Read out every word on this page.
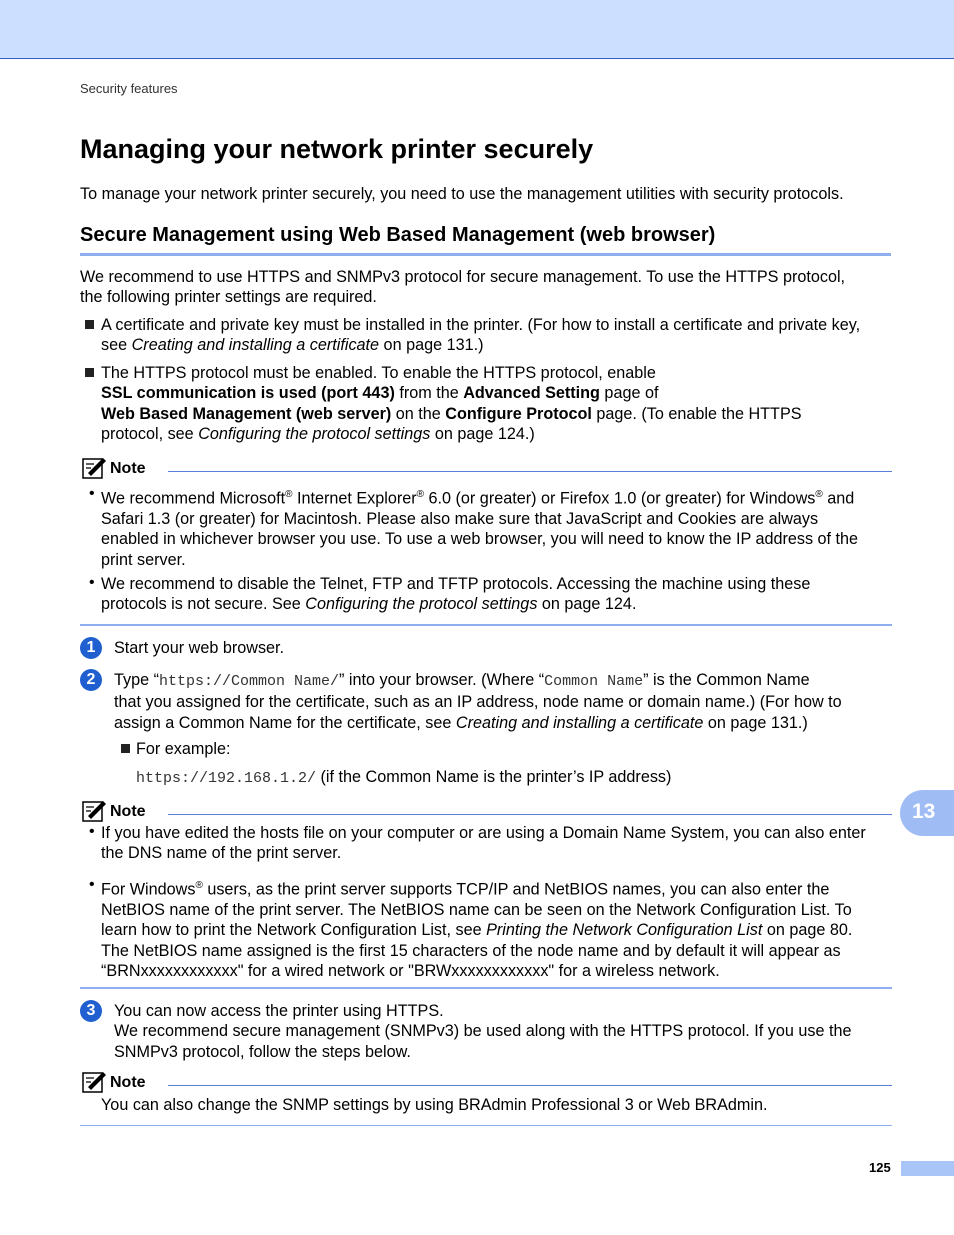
Security features
Managing your network printer securely
To manage your network printer securely, you need to use the management utilities with security protocols.
Secure Management using Web Based Management (web browser)
We recommend to use HTTPS and SNMPv3 protocol for secure management. To use the HTTPS protocol,
the following printer settings are required.
A certificate and private key must be installed in the printer. (For how to install a certificate and private key,
see Creating and installing a certificate on page 131.)
The HTTPS protocol must be enabled. To enable the HTTPS protocol, enable
SSL communication is used (port 443) from the Advanced Setting page of
Web Based Management (web server) on the Configure Protocol page. (To enable the HTTPS
protocol, see Configuring the protocol settings on page 124.)
Note
• We recommend Microsoft® Internet Explorer® 6.0 (or greater) or Firefox 1.0 (or greater) for Windows® and
Safari 1.3 (or greater) for Macintosh. Please also make sure that JavaScript and Cookies are always
enabled in whichever browser you use. To use a web browser, you will need to know the IP address of the
print server.
• We recommend to disable the Telnet, FTP and TFTP protocols. Accessing the machine using these
protocols is not secure. See Configuring the protocol settings on page 124.
1	Start your web browser.
2	Type “https://Common Name/” into your browser. (Where “Common Name” is the Common Name
that you assigned for the certificate, such as an IP address, node name or domain name.) (For how to
assign a Common Name for the certificate, see Creating and installing a certificate on page 131.)
For example:
https://192.168.1.2/ (if the Common Name is the printer’s IP address)
Note
• If you have edited the hosts file on your computer or are using a Domain Name System, you can also enter
the DNS name of the print server.
• For Windows® users, as the print server supports TCP/IP and NetBIOS names, you can also enter the
NetBIOS name of the print server. The NetBIOS name can be seen on the Network Configuration List. To
learn how to print the Network Configuration List, see Printing the Network Configuration List on page 80.
The NetBIOS name assigned is the first 15 characters of the node name and by default it will appear as
“BRNxxxxxxxxxxxx" for a wired network or "BRWxxxxxxxxxxxx" for a wireless network.
3	You can now access the printer using HTTPS.
We recommend secure management (SNMPv3) be used along with the HTTPS protocol. If you use the
SNMPv3 protocol, follow the steps below.
Note
You can also change the SNMP settings by using BRAdmin Professional 3 or Web BRAdmin.
13
125
